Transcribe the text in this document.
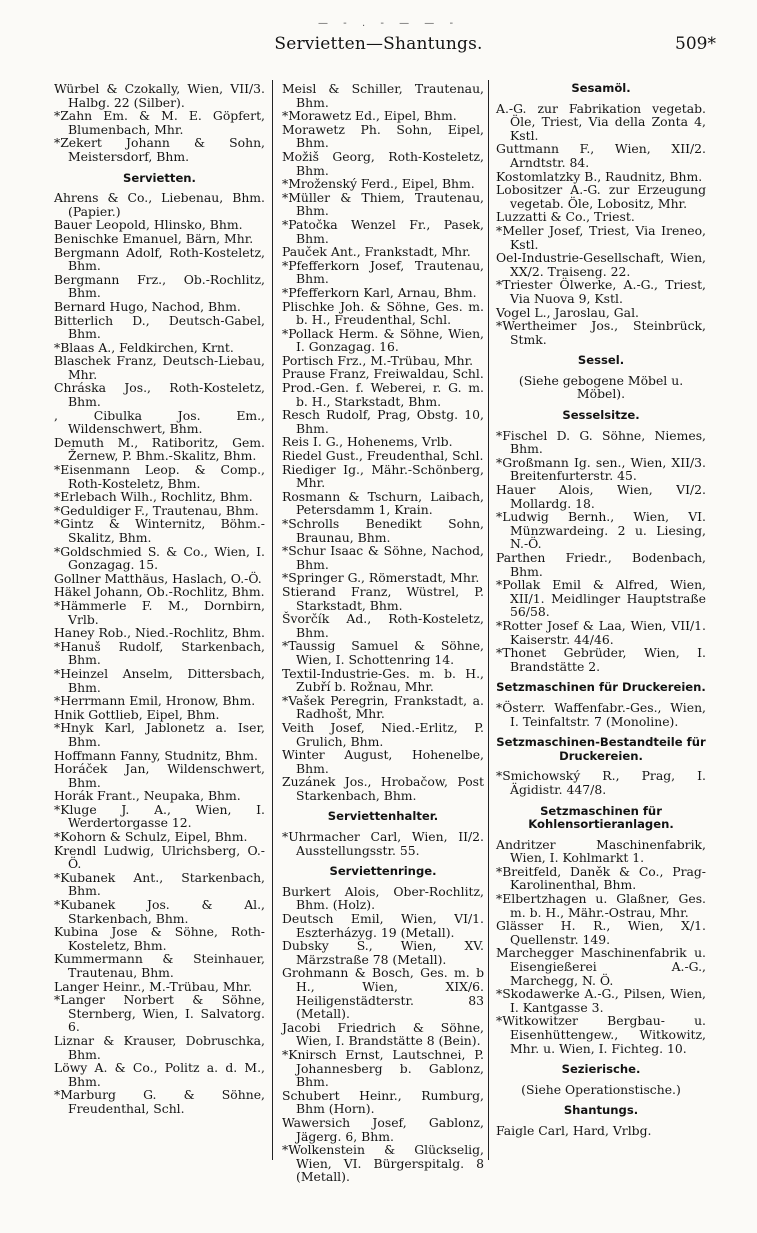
— - . - — — -
Servietten—Shantungs.	509*
Würbel & Czokally, Wien, VII/3. Halbg. 22 (Silber).
*Zahn Em. & M. E. Göpfert, Blumenbach, Mhr.
*Zekert Johann & Sohn, Meistersdorf, Bhm.
Servietten.
Ahrens & Co., Liebenau, Bhm. (Papier.)
Bauer Leopold, Hlinsko, Bhm.
Benischke Emanuel, Bärn, Mhr.
Bergmann Adolf, Roth-Kosteletz, Bhm.
Bergmann Frz., Ob.-Rochlitz, Bhm.
Bernard Hugo, Nachod, Bhm.
Bitterlich D., Deutsch-Gabel, Bhm.
*Blaas A., Feldkirchen, Krnt.
Blaschek Franz, Deutsch-Liebau, Mhr.
Chráska Jos., Roth-Kosteletz, Bhm.
, Cibulka Jos. Em., Wildenschwert, Bhm.
Demuth M., Ratiboritz, Gem. Žernew, P. Bhm.-Skalitz, Bhm.
*Eisenmann Leop. & Comp., Roth-Kosteletz, Bhm.
*Erlebach Wilh., Rochlitz, Bhm.
*Geduldiger F., Trautenau, Bhm.
*Gintz & Winternitz, Böhm.-Skalitz, Bhm.
*Goldschmied S. & Co., Wien, I. Gonzagag. 15.
Gollner Matthäus, Haslach, O.-Ö.
Häkel Johann, Ob.-Rochlitz, Bhm.
*Hämmerle F. M., Dornbirn, Vrlb.
Haney Rob., Nied.-Rochlitz, Bhm.
*Hanuš Rudolf, Starkenbach, Bhm.
*Heinzel Anselm, Dittersbach, Bhm.
*Herrmann Emil, Hronow, Bhm.
Hnik Gottlieb, Eipel, Bhm.
*Hnyk Karl, Jablonetz a. Iser, Bhm.
Hoffmann Fanny, Studnitz, Bhm.
Horáček Jan, Wildenschwert, Bhm.
Horák Frant., Neupaka, Bhm.
*Kluge J. A., Wien, I. Werdertorgasse 12.
*Kohorn & Schulz, Eipel, Bhm.
Krendl Ludwig, Ulrichsberg, O.-Ö.
*Kubanek Ant., Starkenbach, Bhm.
*Kubanek Jos. & Al., Starkenbach, Bhm.
Kubina Jose & Söhne, Roth-Kosteletz, Bhm.
Kummermann & Steinhauer, Trautenau, Bhm.
Langer Heinr., M.-Trübau, Mhr.
*Langer Norbert & Söhne, Sternberg, Wien, I. Salvatorg. 6.
Liznar & Krauser, Dobruschka, Bhm.
Löwy A. & Co., Politz a. d. M., Bhm.
*Marburg G. & Söhne, Freudenthal, Schl.
Meisl & Schiller, Trautenau, Bhm.
*Morawetz Ed., Eipel, Bhm.
Morawetz Ph. Sohn, Eipel, Bhm.
Možiš Georg, Roth-Kosteletz, Bhm.
*Mroženský Ferd., Eipel, Bhm.
*Müller & Thiem, Trautenau, Bhm.
*Patočka Wenzel Fr., Pasek, Bhm.
Pauček Ant., Frankstadt, Mhr.
*Pfefferkorn Josef, Trautenau, Bhm.
*Pfefferkorn Karl, Arnau, Bhm.
Plischke Joh. & Söhne, Ges. m. b. H., Freudenthal, Schl.
*Pollack Herm. & Söhne, Wien, I. Gonzagag. 16.
Portisch Frz., M.-Trübau, Mhr.
Prause Franz, Freiwaldau, Schl.
Prod.-Gen. f. Weberei, r. G. m. b. H., Starkstadt, Bhm.
Resch Rudolf, Prag, Obstg. 10, Bhm.
Reis I. G., Hohenems, Vrlb.
Riedel Gust., Freudenthal, Schl.
Riediger Ig., Mähr.-Schönberg, Mhr.
Rosmann & Tschurn, Laibach, Petersdamm 1, Krain.
*Schrolls Benedikt Sohn, Braunau, Bhm.
*Schur Isaac & Söhne, Nachod, Bhm.
*Springer G., Römerstadt, Mhr.
Stierand Franz, Wüstrel, P. Starkstadt, Bhm.
Švorčík Ad., Roth-Kosteletz, Bhm.
*Taussig Samuel & Söhne, Wien, I. Schottenring 14.
Textil-Industrie-Ges. m. b. H., Zubří b. Rožnau, Mhr.
*Vašek Peregrin, Frankstadt, a. Radhošt, Mhr.
Veith Josef, Nied.-Erlitz, P. Grulich, Bhm.
Winter August, Hohenelbe, Bhm.
Zuzánek Jos., Hrobačow, Post Starkenbach, Bhm.
Serviettenhalter.
*Uhrmacher Carl, Wien, II/2. Ausstellungsstr. 55.
Serviettenringe.
Burkert Alois, Ober-Rochlitz, Bhm. (Holz).
Deutsch Emil, Wien, VI/1. Eszterházyg. 19 (Metall).
Dubsky S., Wien, XV. Märzstraße 78 (Metall).
Grohmann & Bosch, Ges. m. b H., Wien, XIX/6. Heiligenstädterstr. 83 (Metall).
Jacobi Friedrich & Söhne, Wien, I. Brandstätte 8 (Bein).
*Knirsch Ernst, Lautschnei, P. Johannesberg b. Gablonz, Bhm.
Schubert Heinr., Rumburg, Bhm (Horn).
Wawersich Josef, Gablonz, Jägerg. 6, Bhm.
*Wolkenstein & Glückselig, Wien, VI. Bürgerspitalg. 8 (Metall).
Sesamöl.
A.-G. zur Fabrikation vegetab. Öle, Triest, Via della Zonta 4, Kstl.
Guttmann F., Wien, XII/2. Arndtstr. 84.
Kostomlatzky B., Raudnitz, Bhm.
Lobositzer A.-G. zur Erzeugung vegetab. Öle, Lobositz, Mhr.
Luzzatti & Co., Triest.
*Meller Josef, Triest, Via Ireneo, Kstl.
Oel-Industrie-Gesellschaft, Wien, XX/2. Traiseng. 22.
*Triester Ölwerke, A.-G., Triest, Via Nuova 9, Kstl.
Vogel L., Jaroslau, Gal.
*Wertheimer Jos., Steinbrück, Stmk.
Sessel.
(Siehe gebogene Möbel u. Möbel).
Sesselsitze.
*Fischel D. G. Söhne, Niemes, Bhm.
*Großmann Ig. sen., Wien, XII/3. Breitenfurterstr. 45.
Hauer Alois, Wien, VI/2. Mollardg. 18.
*Ludwig Bernh., Wien, VI. Münzwardeing. 2 u. Liesing, N.-Ö.
Parthen Friedr., Bodenbach, Bhm.
*Pollak Emil & Alfred, Wien, XII/1. Meidlinger Hauptstraße 56/58.
*Rotter Josef & Laa, Wien, VII/1. Kaiserstr. 44/46.
*Thonet Gebrüder, Wien, I. Brandstätte 2.
Setzmaschinen für Druckereien.
*Österr. Waffenfabr.-Ges., Wien, I. Teinfaltstr. 7 (Monoline).
Setzmaschinen-Bestandteile für Druckereien.
*Smichowský R., Prag, I. Ägidistr. 447/8.
Setzmaschinen für Kohlensortieranlagen.
Andritzer Maschinenfabrik, Wien, I. Kohlmarkt 1.
*Breitfeld, Daněk & Co., Prag-Karolinenthal, Bhm.
*Elbertzhagen u. Glaßner, Ges. m. b. H., Mähr.-Ostrau, Mhr.
Glässer H. R., Wien, X/1. Quellenstr. 149.
Marchegger Maschinenfabrik u. Eisengießerei A.-G., Marchegg, N. Ö.
*Skodawerke A.-G., Pilsen, Wien, I. Kantgasse 3.
*Witkowitzer Bergbau- u. Eisenhüttengew., Witkowitz, Mhr. u. Wien, I. Fichteg. 10.
Sezierische.
(Siehe Operationstische.)
Shantungs.
Faigle Carl, Hard, Vrlbg.
